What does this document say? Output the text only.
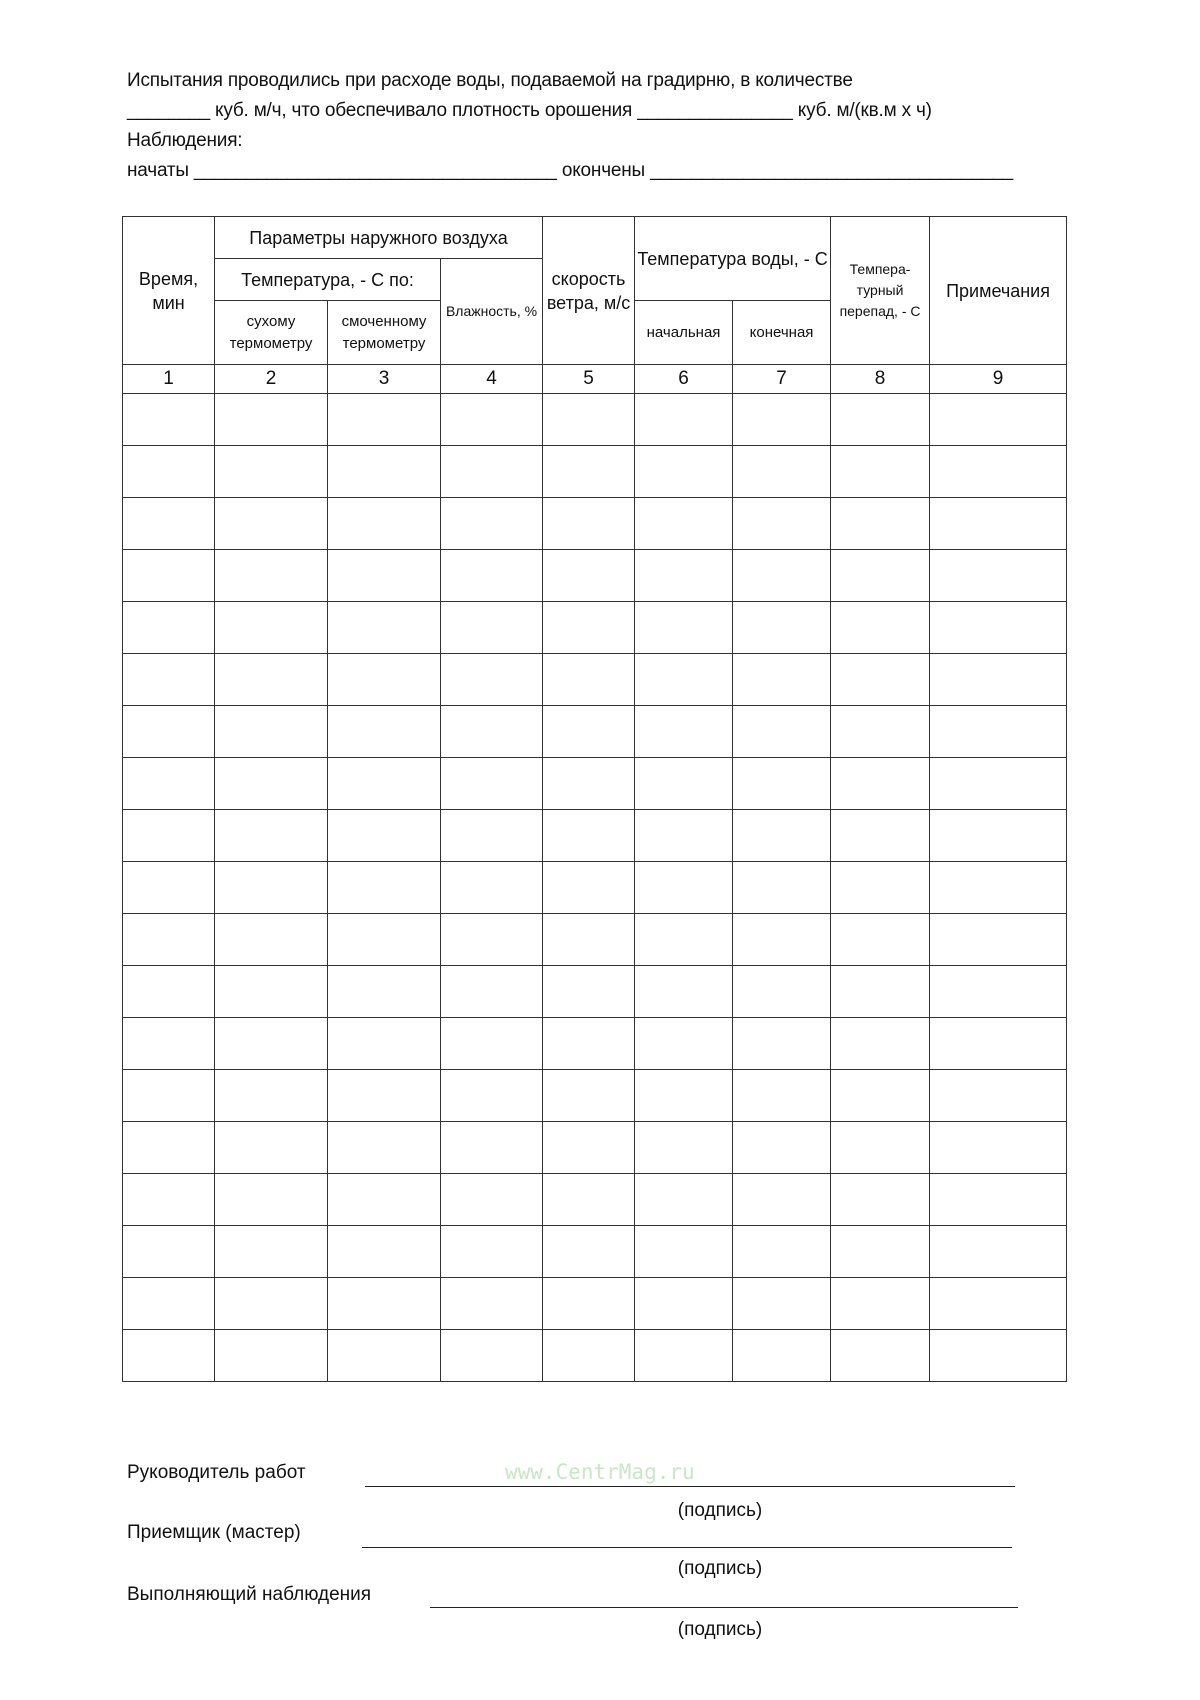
Испытания проводились при расходе воды, подаваемой на градирню, в количестве
________ куб. м/ч, что обеспечивало плотность орошения _______________ куб. м/(кв.м х ч)
Наблюдения:
начаты ___________________________________ окончены ___________________________________
Время, мин	Параметры наружного воздуха			скорость ветра, м/с	Температура воды, - С		Темпера-турный перепад, - С	Примечания
	Температура, - С по:		Влажность, %					
	сухому термометру	смоченному термометру			начальная	конечная		
1	2	3	4	5	6	7	8	9

Руководитель работ
(подпись)
Приемщик (мастер)
(подпись)
Выполняющий наблюдения
(подпись)
www.CentrMag.ru
